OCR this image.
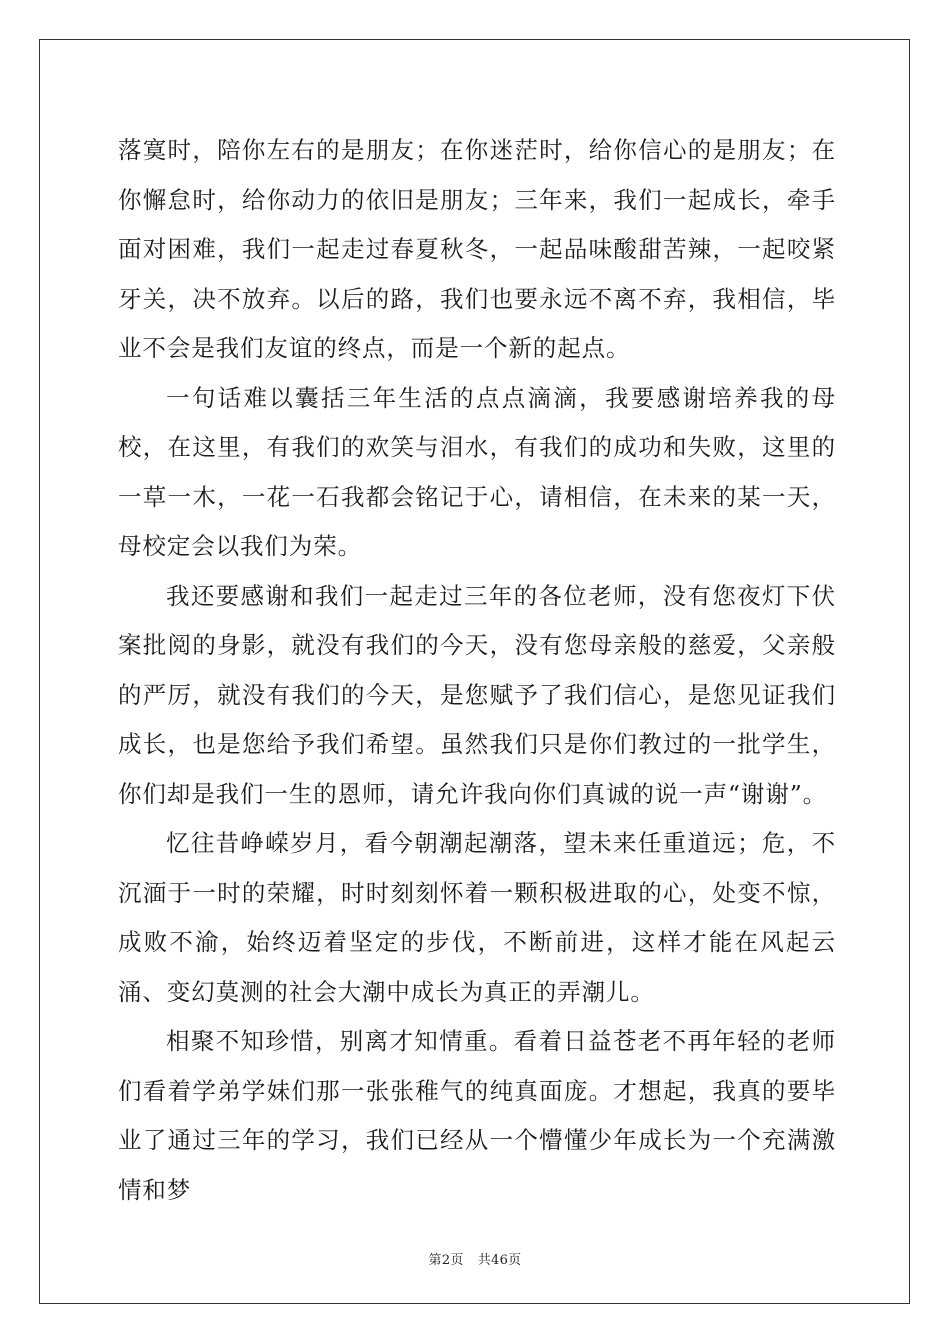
落寞时，陪你左右的是朋友；在你迷茫时，给你信心的是朋友；在你懈怠时，给你动力的依旧是朋友；三年来，我们一起成长，牵手面对困难，我们一起走过春夏秋冬，一起品味酸甜苦辣，一起咬紧牙关，决不放弃。以后的路，我们也要永远不离不弃，我相信，毕业不会是我们友谊的终点，而是一个新的起点。

一句话难以囊括三年生活的点点滴滴，我要感谢培养我的母校，在这里，有我们的欢笑与泪水，有我们的成功和失败，这里的一草一木，一花一石我都会铭记于心，请相信，在未来的某一天，母校定会以我们为荣。

我还要感谢和我们一起走过三年的各位老师，没有您夜灯下伏案批阅的身影，就没有我们的今天，没有您母亲般的慈爱，父亲般的严厉，就没有我们的今天，是您赋予了我们信心，是您见证我们成长，也是您给予我们希望。虽然我们只是你们教过的一批学生，你们却是我们一生的恩师，请允许我向你们真诚的说一声“谢谢”。

忆往昔峥嵘岁月，看今朝潮起潮落，望未来任重道远；危，不沉湎于一时的荣耀，时时刻刻怀着一颗积极进取的心，处变不惊，成败不渝，始终迈着坚定的步伐，不断前进，这样才能在风起云涌、变幻莫测的社会大潮中成长为真正的弄潮儿。

相聚不知珍惜，别离才知情重。看着日益苍老不再年轻的老师们看着学弟学妹们那一张张稚气的纯真面庞。才想起，我真的要毕业了通过三年的学习，我们已经从一个懵懂少年成长为一个充满激情和梦

第2页 共46页
